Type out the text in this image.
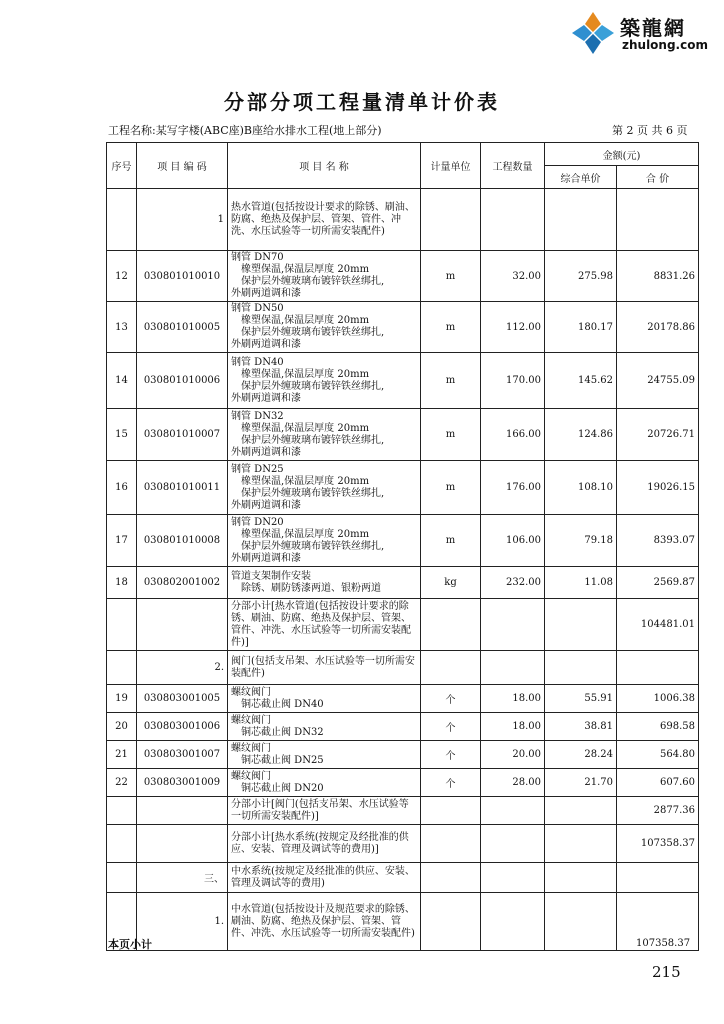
築龍網
zhulong.com
分部分项工程量清单计价表
工程名称:某写字楼(ABC座)B座给水排水工程(地上部分)	第 2 页 共 6 页
序号	项 目 编 码	项 目 名 称	计量单位	工程数量	金额(元)	
					综合单价	合 价
	1	热水管道(包括按设计要求的除锈、刷油、防腐、绝热及保护层、管架、管件、冲洗、水压试验等一切所需安装配件)				
12	030801010010	钢管 DN70
橡塑保温,保温层厚度 20mm
保护层外缠玻璃布镀锌铁丝绑扎,
外刷两道调和漆	m	32.00	275.98	8831.26
13	030801010005	钢管 DN50
橡塑保温,保温层厚度 20mm
保护层外缠玻璃布镀锌铁丝绑扎,
外刷两道调和漆	m	112.00	180.17	20178.86
14	030801010006	钢管 DN40
橡塑保温,保温层厚度 20mm
保护层外缠玻璃布镀锌铁丝绑扎,
外刷两道调和漆	m	170.00	145.62	24755.09
15	030801010007	钢管 DN32
橡塑保温,保温层厚度 20mm
保护层外缠玻璃布镀锌铁丝绑扎,
外刷两道调和漆	m	166.00	124.86	20726.71
16	030801010011	钢管 DN25
橡塑保温,保温层厚度 20mm
保护层外缠玻璃布镀锌铁丝绑扎,
外刷两道调和漆	m	176.00	108.10	19026.15
17	030801010008	钢管 DN20
橡塑保温,保温层厚度 20mm
保护层外缠玻璃布镀锌铁丝绑扎,
外刷两道调和漆	m	106.00	79.18	8393.07
18	030802001002	管道支架制作安装
除锈、刷防锈漆两道、银粉两道	kg	232.00	11.08	2569.87
		分部小计[热水管道(包括按设计要求的除锈、刷油、防腐、绝热及保护层、管架、管件、冲洗、水压试验等一切所需安装配件)]				104481.01
	2.	阀门(包括支吊架、水压试验等一切所需安装配件)				
19	030803001005	螺纹阀门
铜芯截止阀 DN40	个	18.00	55.91	1006.38
20	030803001006	螺纹阀门
铜芯截止阀 DN32	个	18.00	38.81	698.58
21	030803001007	螺纹阀门
铜芯截止阀 DN25	个	20.00	28.24	564.80
22	030803001009	螺纹阀门
铜芯截止阀 DN20	个	28.00	21.70	607.60
		分部小计[阀门(包括支吊架、水压试验等一切所需安装配件)]				2877.36
		分部小计[热水系统(按规定及经批准的供应、安装、管理及调试等的费用)]				107358.37
	三、	中水系统(按规定及经批准的供应、安装、管理及调试等的费用)				
	1.	中水管道(包括按设计及规范要求的除锈、刷油、防腐、绝热及保护层、管架、管件、冲洗、水压试验等一切所需安装配件)				
本页小计	107358.37
215
